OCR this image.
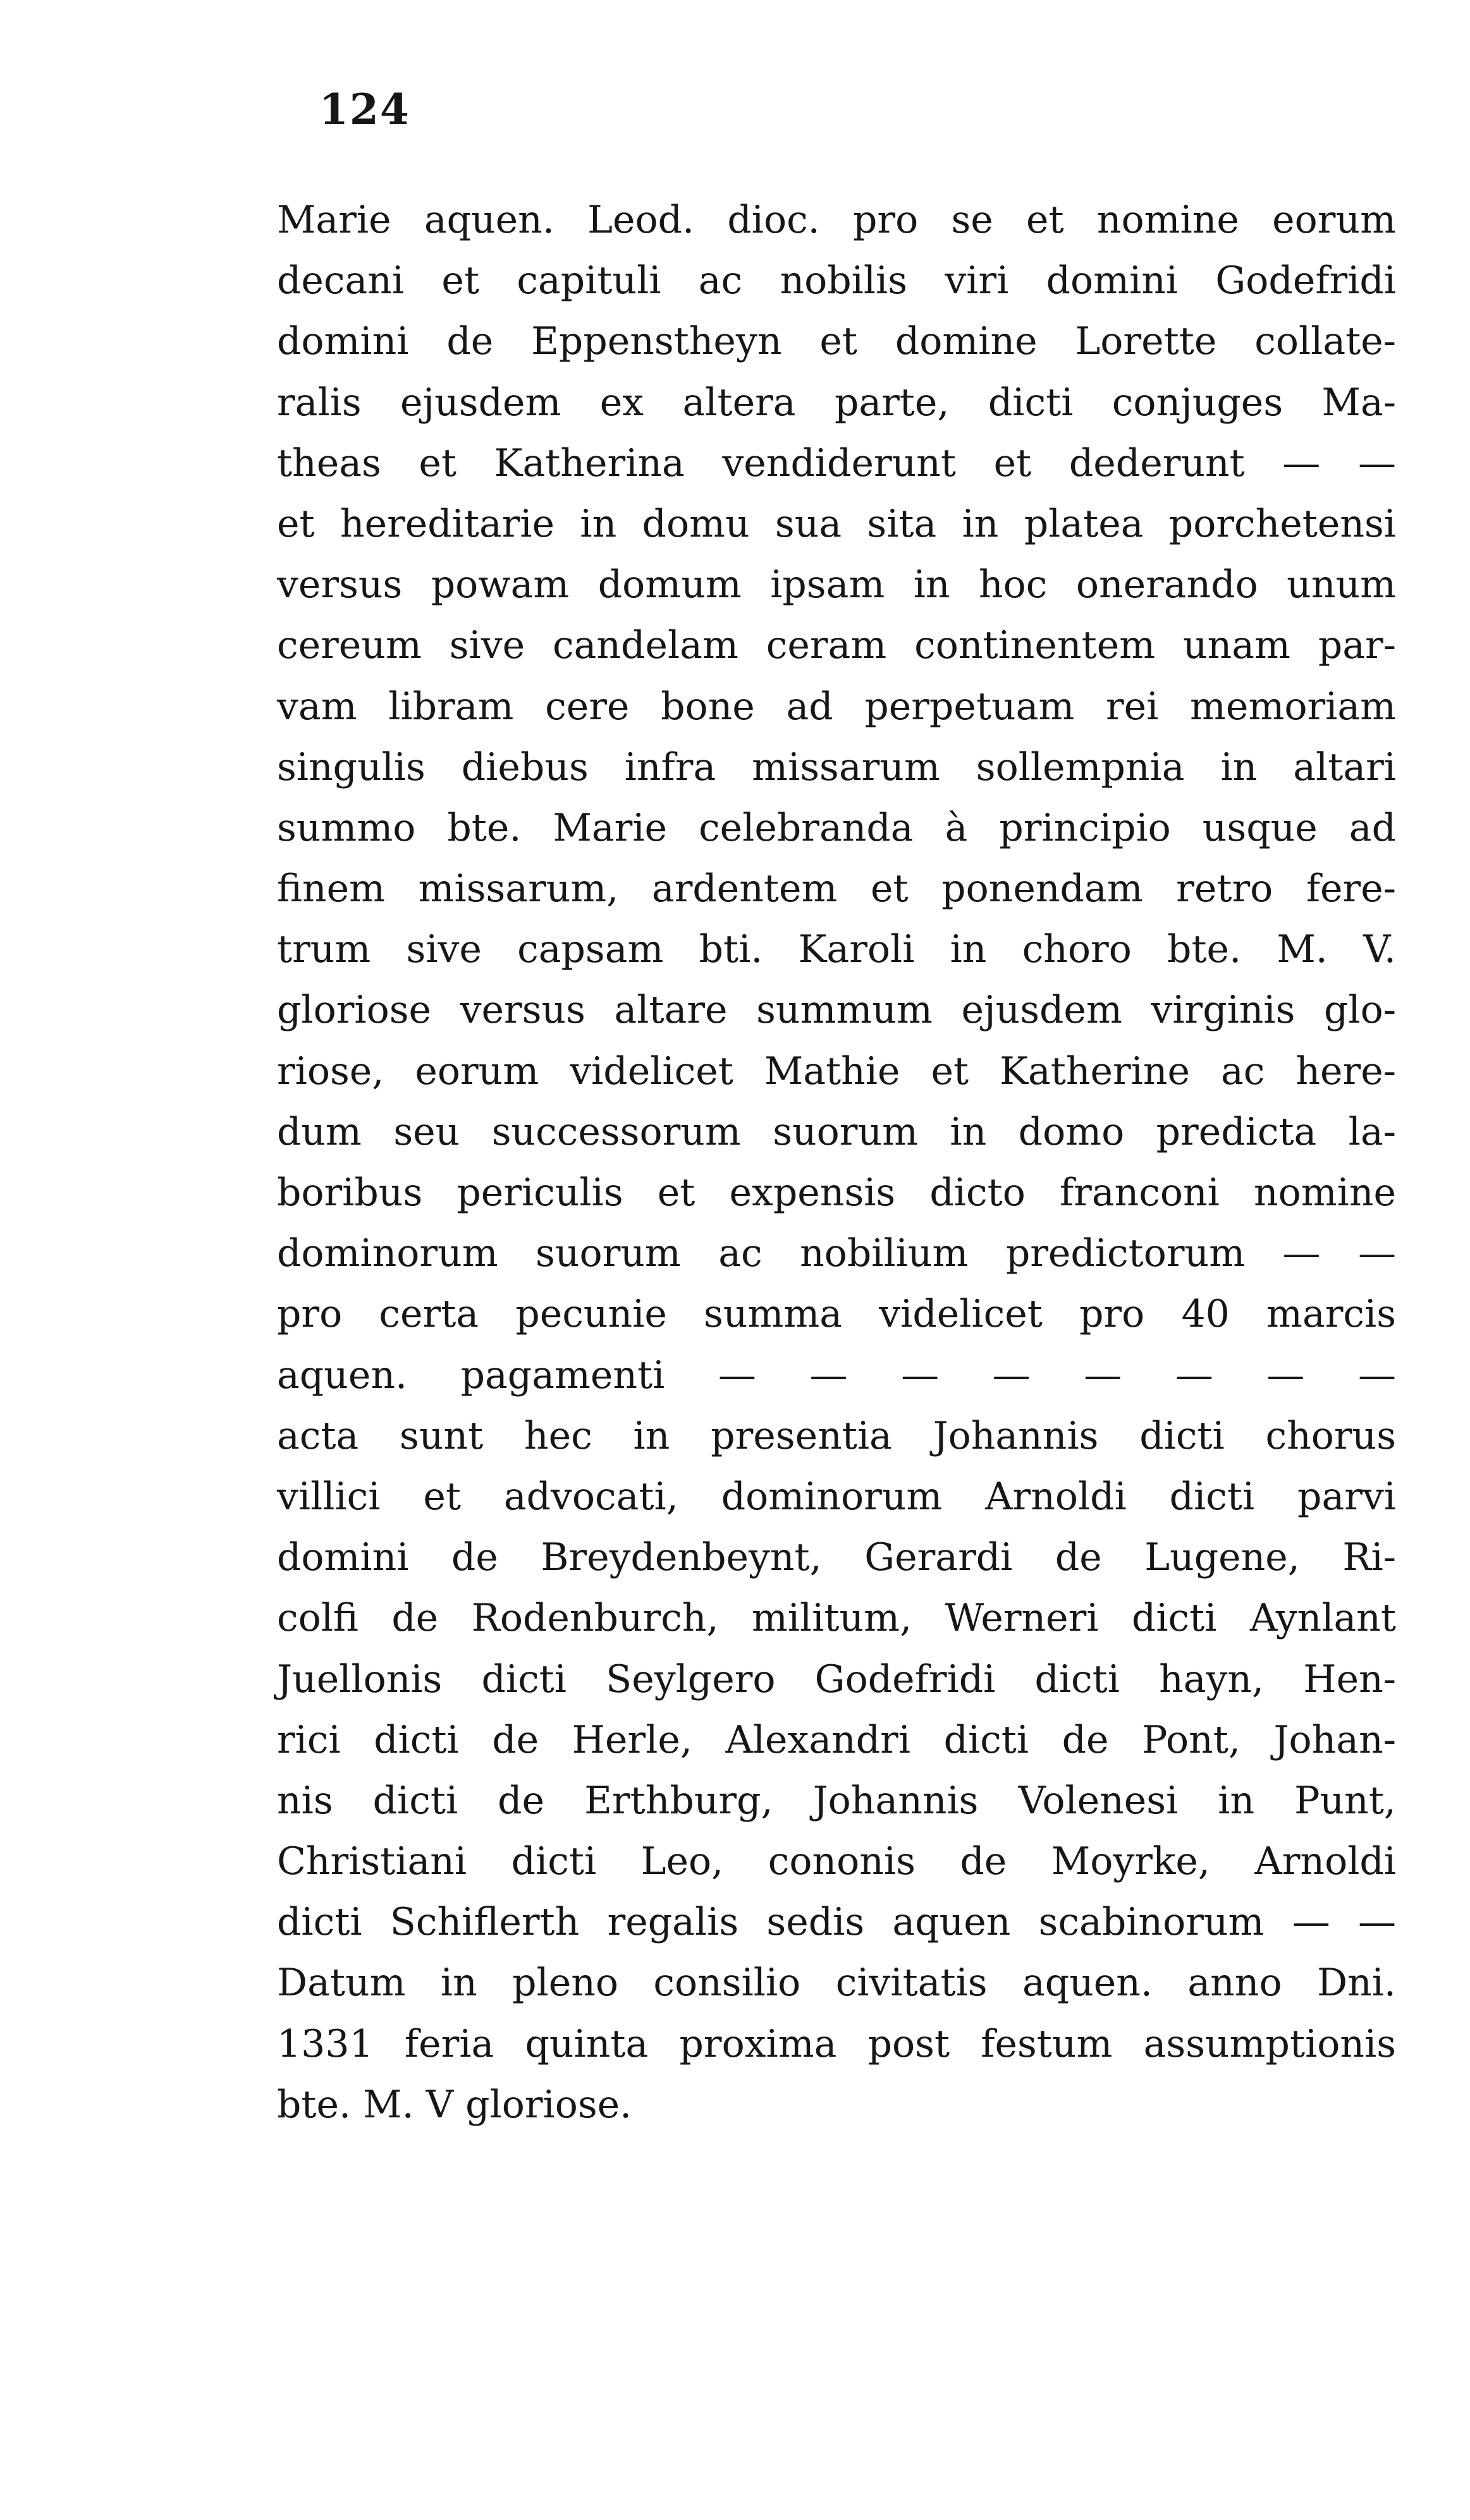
124
Marie aquen. Leod. dioc. pro se et nomine eorum
decani et capituli ac nobilis viri domini Godefridi
domini de Eppenstheyn et domine Lorette collate-
ralis ejusdem ex altera parte, dicti conjuges Ma-
theas et Katherina vendiderunt et dederunt — —
et hereditarie in domu sua sita in platea porchetensi
versus powam domum ipsam in hoc onerando unum
cereum sive candelam ceram continentem unam par-
vam libram cere bone ad perpetuam rei memoriam
singulis diebus infra missarum sollempnia in altari
summo bte. Marie celebranda à principio usque ad
finem missarum, ardentem et ponendam retro fere-
trum sive capsam bti. Karoli in choro bte. M. V.
gloriose versus altare summum ejusdem virginis glo-
riose, eorum videlicet Mathie et Katherine ac here-
dum seu successorum suorum in domo predicta la-
boribus periculis et expensis dicto franconi nomine
dominorum suorum ac nobilium predictorum — —
pro certa pecunie summa videlicet pro 40 marcis
aquen. pagamenti — — — — — — — —
acta sunt hec in presentia Johannis dicti chorus
villici et advocati, dominorum Arnoldi dicti parvi
domini de Breydenbeynt, Gerardi de Lugene, Ri-
colfi de Rodenburch, militum, Werneri dicti Aynlant
Juellonis dicti Seylgero Godefridi dicti hayn, Hen-
rici dicti de Herle, Alexandri dicti de Pont, Johan-
nis dicti de Erthburg, Johannis Volenesi in Punt,
Christiani dicti Leo, cononis de Moyrke, Arnoldi
dicti Schiflerth regalis sedis aquen scabinorum — —
Datum in pleno consilio civitatis aquen. anno Dni.
1331 feria quinta proxima post festum assumptionis
bte. M. V gloriose.
